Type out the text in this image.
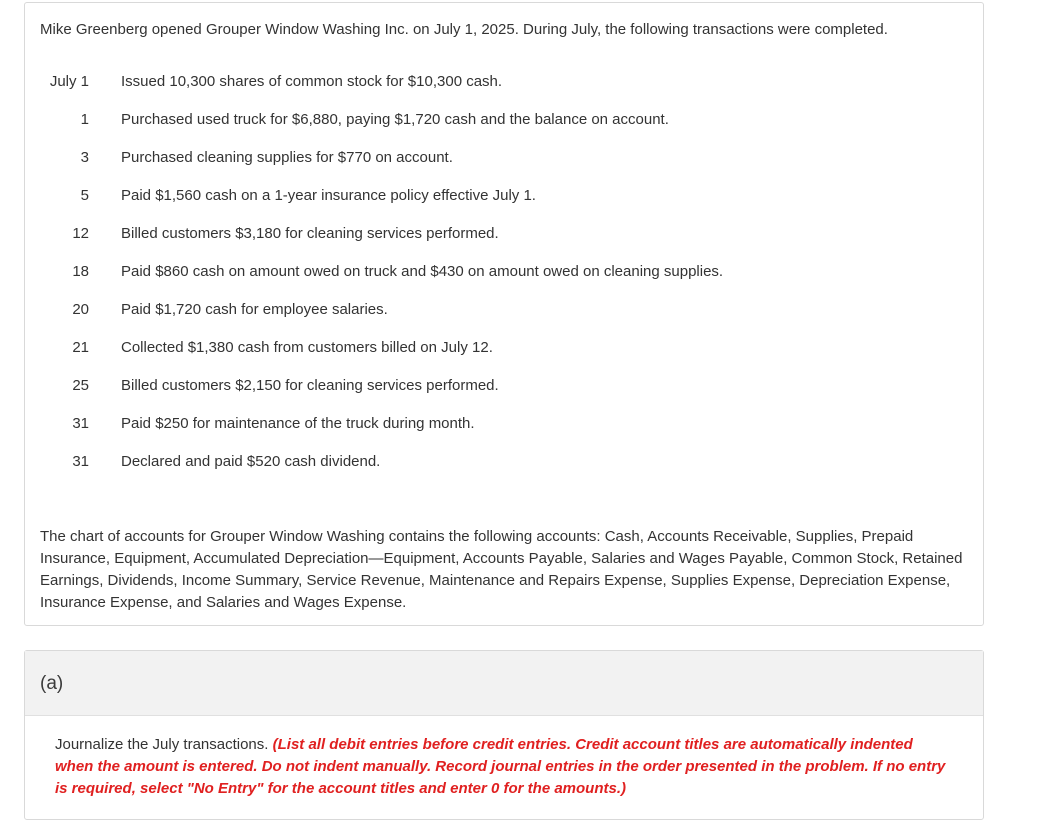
Mike Greenberg opened Grouper Window Washing Inc. on July 1, 2025. During July, the following transactions were completed.
July 1 Issued 10,300 shares of common stock for $10,300 cash.
1 Purchased used truck for $6,880, paying $1,720 cash and the balance on account.
3 Purchased cleaning supplies for $770 on account.
5 Paid $1,560 cash on a 1-year insurance policy effective July 1.
12 Billed customers $3,180 for cleaning services performed.
18 Paid $860 cash on amount owed on truck and $430 on amount owed on cleaning supplies.
20 Paid $1,720 cash for employee salaries.
21 Collected $1,380 cash from customers billed on July 12.
25 Billed customers $2,150 for cleaning services performed.
31 Paid $250 for maintenance of the truck during month.
31 Declared and paid $520 cash dividend.
The chart of accounts for Grouper Window Washing contains the following accounts: Cash, Accounts Receivable, Supplies, Prepaid Insurance, Equipment, Accumulated Depreciation—Equipment, Accounts Payable, Salaries and Wages Payable, Common Stock, Retained Earnings, Dividends, Income Summary, Service Revenue, Maintenance and Repairs Expense, Supplies Expense, Depreciation Expense, Insurance Expense, and Salaries and Wages Expense.
(a)
Journalize the July transactions. (List all debit entries before credit entries. Credit account titles are automatically indented when the amount is entered. Do not indent manually. Record journal entries in the order presented in the problem. If no entry is required, select "No Entry" for the account titles and enter 0 for the amounts.)
